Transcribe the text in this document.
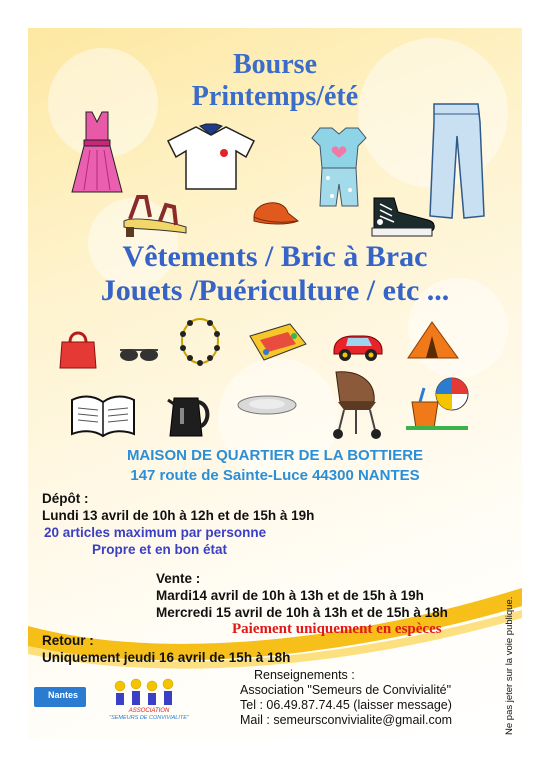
Bourse
Printemps/été
Vêtements / Bric à Brac
Jouets /Puériculture / etc ...
MAISON DE QUARTIER DE LA BOTTIERE
147 route de Sainte-Luce 44300 NANTES
Dépôt :
Lundi 13 avril de 10h à 12h et de 15h à 19h
20 articles maximum par personne
Propre et en bon état
Vente :
Mardi14 avril de 10h à 13h et de 15h à 19h
Mercredi 15 avril de 10h à 13h et de 15h à 18h
Paiement uniquement en espèces
Retour :
Uniquement jeudi 16 avril de 15h à 18h
Nantes
ASSOCIATION
"SEMEURS DE CONVIVIALITE"
Renseignements :
Association "Semeurs de Convivialité"
Tel : 06.49.87.74.45 (laisser message)
Mail : semeursconvivialite@gmail.com	Ne pas jeter sur la voie publique.
